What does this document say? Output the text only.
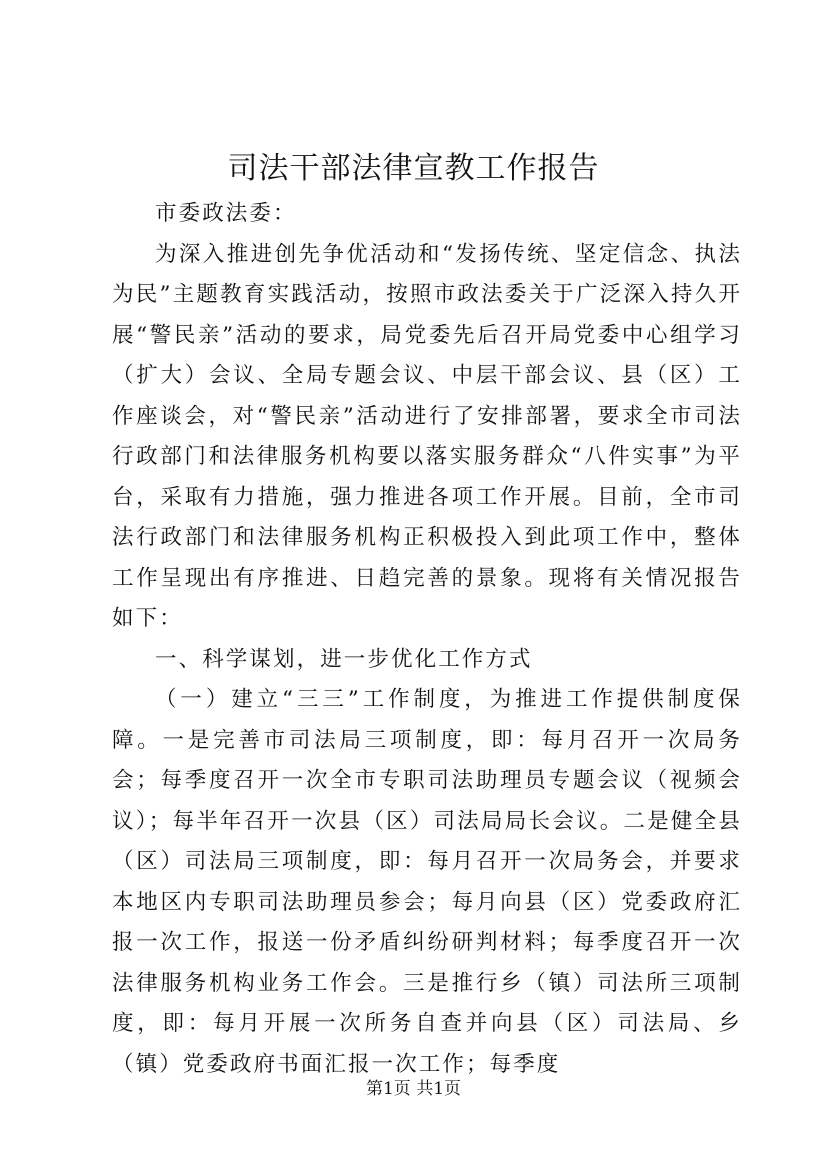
司法干部法律宣教工作报告

市委政法委：

为深入推进创先争优活动和“发扬传统、坚定信念、执法为民”主题教育实践活动，按照市政法委关于广泛深入持久开展“警民亲”活动的要求，局党委先后召开局党委中心组学习（扩大）会议、全局专题会议、中层干部会议、县（区）工作座谈会，对“警民亲”活动进行了安排部署，要求全市司法行政部门和法律服务机构要以落实服务群众“八件实事”为平台，采取有力措施，强力推进各项工作开展。目前，全市司法行政部门和法律服务机构正积极投入到此项工作中，整体工作呈现出有序推进、日趋完善的景象。现将有关情况报告如下：

一、科学谋划，进一步优化工作方式

（一）建立“三三”工作制度，为推进工作提供制度保障。一是完善市司法局三项制度，即：每月召开一次局务会；每季度召开一次全市专职司法助理员专题会议（视频会议）；每半年召开一次县（区）司法局局长会议。二是健全县（区）司法局三项制度，即：每月召开一次局务会，并要求本地区内专职司法助理员参会；每月向县（区）党委政府汇报一次工作，报送一份矛盾纠纷研判材料；每季度召开一次法律服务机构业务工作会。三是推行乡（镇）司法所三项制度，即：每月开展一次所务自查并向县（区）司法局、乡（镇）党委政府书面汇报一次工作；每季度

第1页 共1页
